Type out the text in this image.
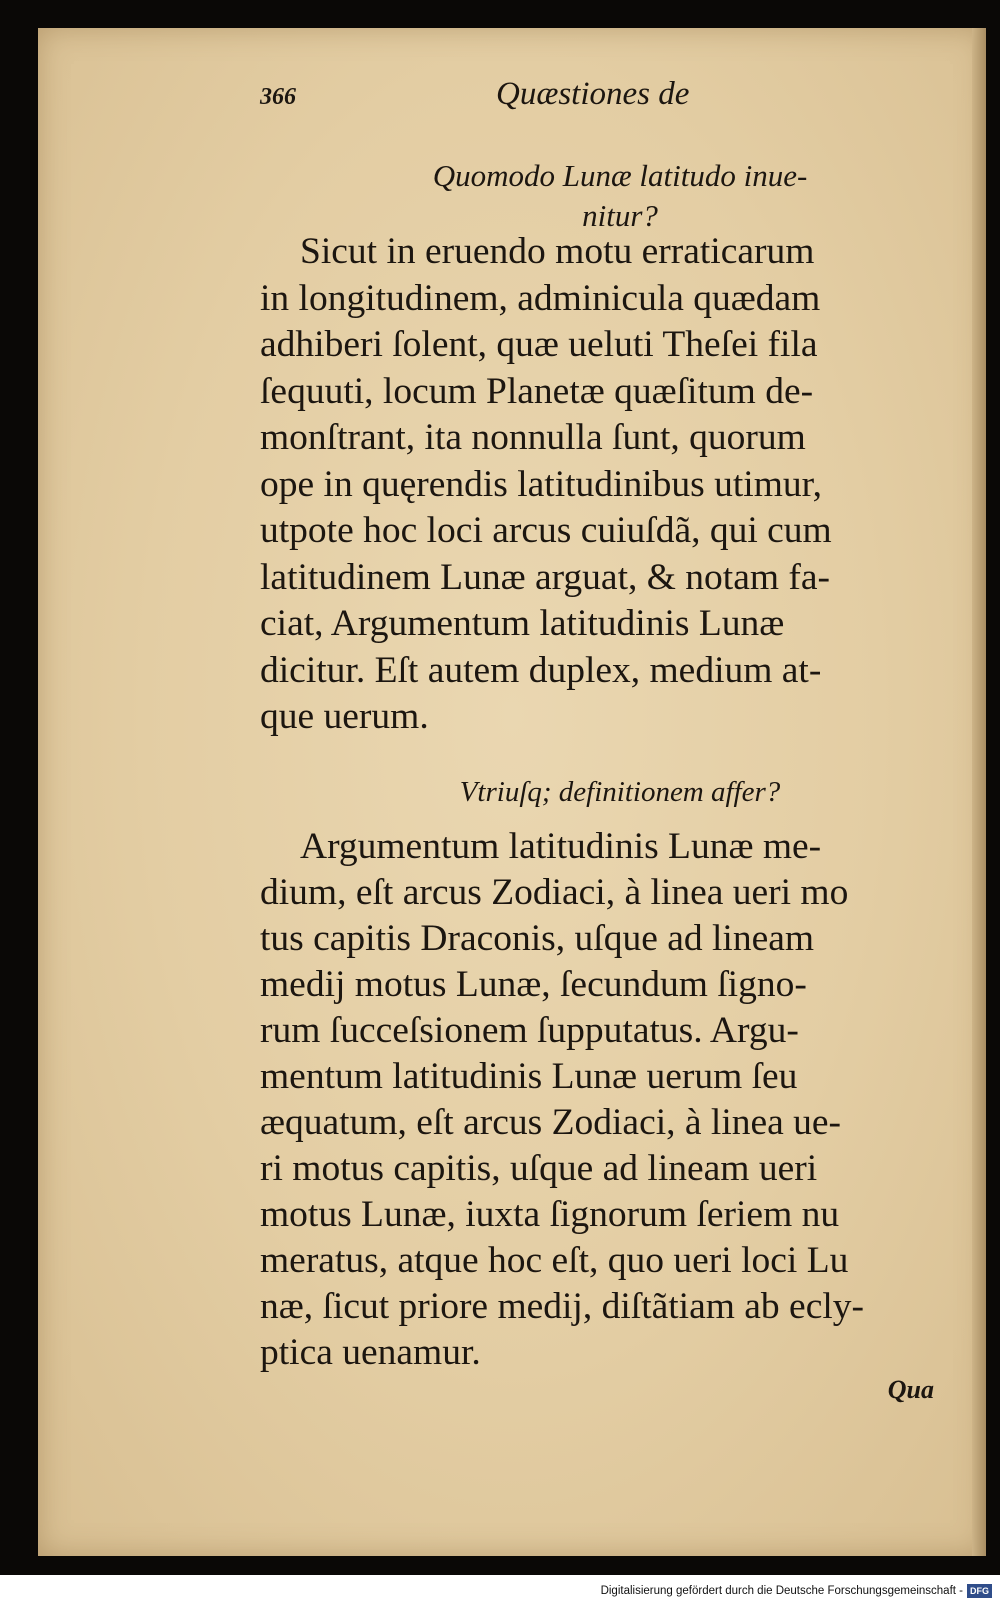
366	Quæstiones de
Quomodo Lunæ latitudo inue-
nitur?
Sicut in eruendo motu erraticarum
in longitudinem, adminicula quædam
adhiberi ſolent, quæ ueluti Theſei fila
ſequuti, locum Planetæ quæſitum de-
monſtrant, ita nonnulla ſunt, quorum
ope in quęrendis latitudinibus utimur,
utpote hoc loci arcus cuiuſdã, qui cum
latitudinem Lunæ arguat, & notam fa-
ciat, Argumentum latitudinis Lunæ
dicitur. Eſt autem duplex, medium at-
que uerum.
Vtriuſq; definitionem affer?
Argumentum latitudinis Lunæ me-
dium, eſt arcus Zodiaci, à linea ueri mo
tus capitis Draconis, uſque ad lineam
medij motus Lunæ, ſecundum ſigno-
rum ſucceſsionem ſupputatus. Argu-
mentum latitudinis Lunæ uerum ſeu
æquatum, eſt arcus Zodiaci, à linea ue-
ri motus capitis, uſque ad lineam ueri
motus Lunæ, iuxta ſignorum ſeriem nu
meratus, atque hoc eſt, quo ueri loci Lu
næ, ſicut priore medij, diſtãtiam ab ecly-
ptica uenamur.
Qua
Digitalisierung gefördert durch die Deutsche Forschungsgemeinschaft - DFG
